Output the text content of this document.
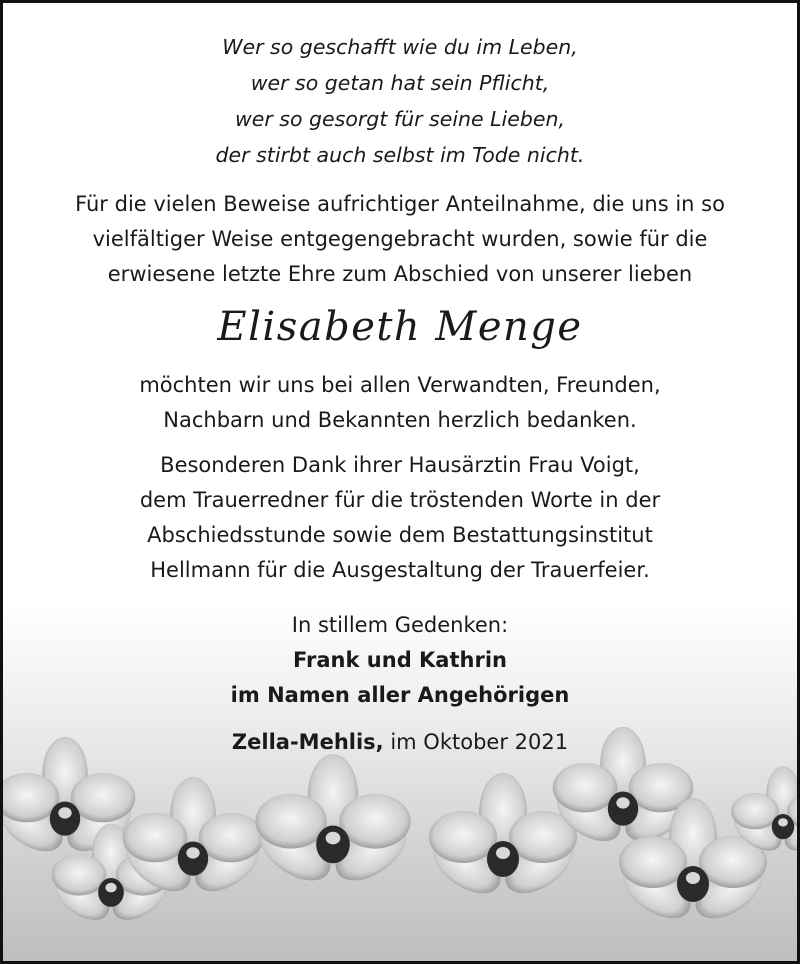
Wer so geschafft wie du im Leben,
wer so getan hat sein Pflicht,
wer so gesorgt für seine Lieben,
der stirbt auch selbst im Tode nicht.
Für die vielen Beweise aufrichtiger Anteilnahme, die uns in so
vielfältiger Weise entgegengebracht wurden, sowie für die
erwiesene letzte Ehre zum Abschied von unserer lieben
Elisabeth Menge
möchten wir uns bei allen Verwandten, Freunden,
Nachbarn und Bekannten herzlich bedanken.
Besonderen Dank ihrer Hausärztin Frau Voigt,
dem Trauerredner für die tröstenden Worte in der
Abschiedsstunde sowie dem Bestattungsinstitut
Hellmann für die Ausgestaltung der Trauerfeier.
In stillem Gedenken:
Frank und Kathrin
im Namen aller Angehörigen
Zella-Mehlis, im Oktober 2021
